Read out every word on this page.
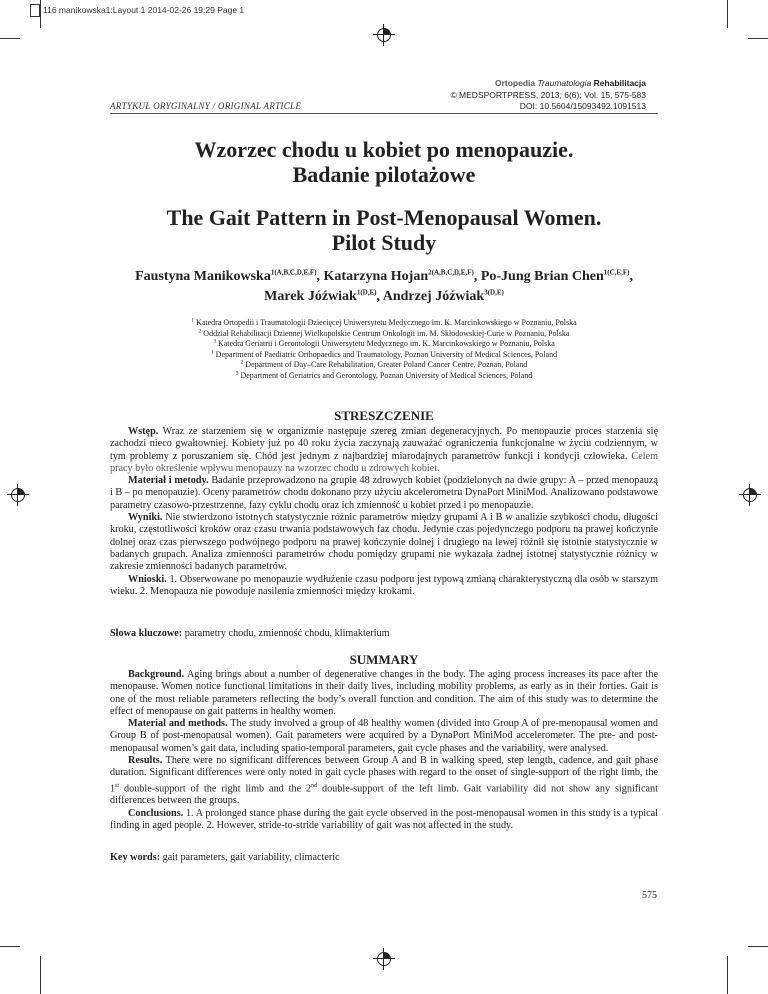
116 manikowska1:Layout 1 2014-02-26 19:29 Page 1
Ortopedia Traumatologia Rehabilitacja
© MEDSPORTPRESS, 2013; 6(6); Vol. 15, 575-583
DOI: 10.5604/15093492.1091513
ARTYKUŁ ORYGINALNY / ORIGINAL ARTICLE
Wzorzec chodu u kobiet po menopauzie.
Badanie pilotażowe
The Gait Pattern in Post-Menopausal Women.
Pilot Study
Faustyna Manikowska$^{1(A,B,C,D,E,F)}$, Katarzyna Hojan$^{2(A,B,C,D,E,F)}$, Po-Jung Brian Chen$^{1(C,E,F)}$,
Marek Jóźwiak$^{1(D,E)}$, Andrzej Jóźwiak$^{3(D,E)}$
$^1$ Katedra Ortopedii i Traumatologii Dziecięcej Uniwersytetu Medycznego im. K. Marcinkowskiego w Poznaniu, Polska
$^2$ Oddział Rehabilitacji Dziennej Wielkopolskie Centrum Onkologii im. M. Skłodowskiej-Curie w Poznaniu, Polska
$^3$ Katedra Geriatrii i Gerontologii Uniwersytetu Medycznego im. K. Marcinkowskiego w Poznaniu, Polska
$^1$ Department of Paediatric Orthopaedics and Traumatology, Poznan University of Medical Sciences, Poland
$^2$ Department of Day–Care Rehabilitation, Greater Poland Cancer Centre, Poznan, Poland
$^3$ Department of Geriatrics and Gerontology, Poznan University of Medical Sciences, Poland
STRESZCZENIE

Wstęp. Wraz ze starzeniem się w organizmie następuje szereg zmian degeneracyjnych. Po menopauzie proces starzenia się zachodzi nieco gwałtowniej. Kobiety już po 40 roku życia zaczynają zauważać ograniczenia funkcjonalne w życiu codziennym, w tym problemy z poruszaniem się. Chód jest jednym z najbardziej miarodajnych parametrów funkcji i kondycji człowieka. Celem pracy było określenie wpływu menopauzy na wzorzec chodu u zdrowych kobiet.

Materiał i metody. Badanie przeprowadzono na grupie 48 zdrowych kobiet (podzielonych na dwie grupy: A – przed menopauzą i B – po menopauzie). Oceny parametrów chodu dokonano przy użyciu akcelerometru DynaPort MiniMod. Analizowano podstawowe parametry czasowo-przestrzenne, fazy cyklu chodu oraz ich zmienność u kobiet przed i po menopauzie.

Wyniki. Nie stwierdzono istotnych statystycznie różnic parametrów między grupami A i B w analizie szybkości chodu, długości kroku, częstotliwości kroków oraz czasu trwania podstawowych faz chodu. Jedynie czas pojedynczego podporu na prawej kończynie dolnej oraz czas pierwszego podwójnego podporu na prawej kończynie dolnej i drugiego na lewej różnił się istotnie statystycznie w badanych grupach. Analiza zmienności parametrów chodu pomiędzy grupami nie wykazała żadnej istotnej statystycznie różnicy w zakresie zmienności badanych parametrów.

Wnioski. 1. Obserwowane po menopauzie wydłużenie czasu podporu jest typową zmianą charakterystyczną dla osób w starszym wieku. 2. Menopauza nie powoduje nasilenia zmienności między krokami.

Słowa kluczowe: parametry chodu, zmienność chodu, klimakterium
SUMMARY

Background. Aging brings about a number of degenerative changes in the body. The aging process increases its pace after the menopause. Women notice functional limitations in their daily lives, including mobility problems, as early as in their forties. Gait is one of the most reliable parameters reflecting the body’s overall function and condition. The aim of this study was to determine the effect of menopause on gait patterns in healthy women.

Material and methods. The study involved a group of 48 healthy women (divided into Group A of pre-menopausal women and Group B of post-menopausal women). Gait parameters were acquired by a DynaPort MiniMod accelerometer. The pre- and post-menopausal women’s gait data, including spatio-temporal parameters, gait cycle phases and the variability, were analysed.

Results. There were no significant differences between Group A and B in walking speed, step length, cadence, and gait phase duration. Significant differences were only noted in gait cycle phases with regard to the onset of single-support of the right limb, the 1st double-support of the right limb and the 2nd double-support of the left limb. Gait variability did not show any significant differences between the groups.

Conclusions. 1. A prolonged stance phase during the gait cycle observed in the post-menopausal women in this study is a typical finding in aged people. 2. However, stride-to-stride variability of gait was not affected in the study.

Key words: gait parameters, gait variability, climacteric
575
